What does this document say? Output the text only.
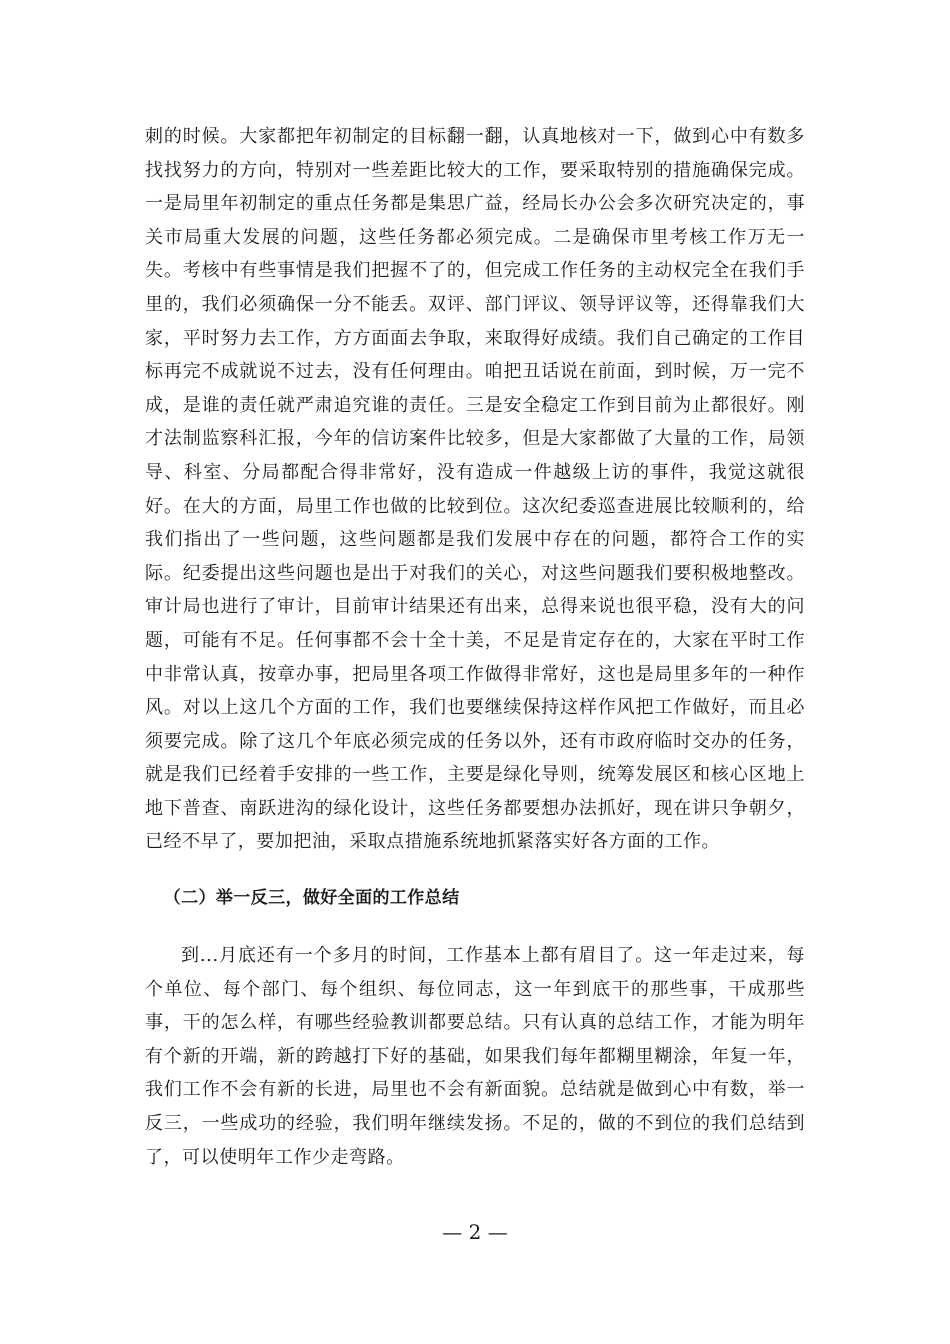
刺的时候。大家都把年初制定的目标翻一翻，认真地核对一下，做到心中有数多找找努力的方向，特别对一些差距比较大的工作，要采取特别的措施确保完成。一是局里年初制定的重点任务都是集思广益，经局长办公会多次研究决定的，事关市局重大发展的问题，这些任务都必须完成。二是确保市里考核工作万无一失。考核中有些事情是我们把握不了的，但完成工作任务的主动权完全在我们手里的，我们必须确保一分不能丢。双评、部门评议、领导评议等，还得靠我们大家，平时努力去工作，方方面面去争取，来取得好成绩。我们自己确定的工作目标再完不成就说不过去，没有任何理由。咱把丑话说在前面，到时候，万一完不成，是谁的责任就严肃追究谁的责任。三是安全稳定工作到目前为止都很好。刚才法制监察科汇报，今年的信访案件比较多，但是大家都做了大量的工作，局领导、科室、分局都配合得非常好，没有造成一件越级上访的事件，我觉这就很好。在大的方面，局里工作也做的比较到位。这次纪委巡查进展比较顺利的，给我们指出了一些问题，这些问题都是我们发展中存在的问题，都符合工作的实际。纪委提出这些问题也是出于对我们的关心，对这些问题我们要积极地整改。审计局也进行了审计，目前审计结果还有出来，总得来说也很平稳，没有大的问题，可能有不足。任何事都不会十全十美，不足是肯定存在的，大家在平时工作中非常认真，按章办事，把局里各项工作做得非常好，这也是局里多年的一种作风。对以上这几个方面的工作，我们也要继续保持这样作风把工作做好，而且必须要完成。除了这几个年底必须完成的任务以外，还有市政府临时交办的任务，就是我们已经着手安排的一些工作，主要是绿化导则，统筹发展区和核心区地上地下普查、南跃进沟的绿化设计，这些任务都要想办法抓好，现在讲只争朝夕，已经不早了，要加把油，采取点措施系统地抓紧落实好各方面的工作。

（二）举一反三，做好全面的工作总结

到...月底还有一个多月的时间，工作基本上都有眉目了。这一年走过来，每个单位、每个部门、每个组织、每位同志，这一年到底干的那些事，干成那些事，干的怎么样，有哪些经验教训都要总结。只有认真的总结工作，才能为明年有个新的开端，新的跨越打下好的基础，如果我们每年都糊里糊涂，年复一年，我们工作不会有新的长进，局里也不会有新面貌。总结就是做到心中有数，举一反三，一些成功的经验，我们明年继续发扬。不足的，做的不到位的我们总结到了，可以使明年工作少走弯路。

— 2 —
